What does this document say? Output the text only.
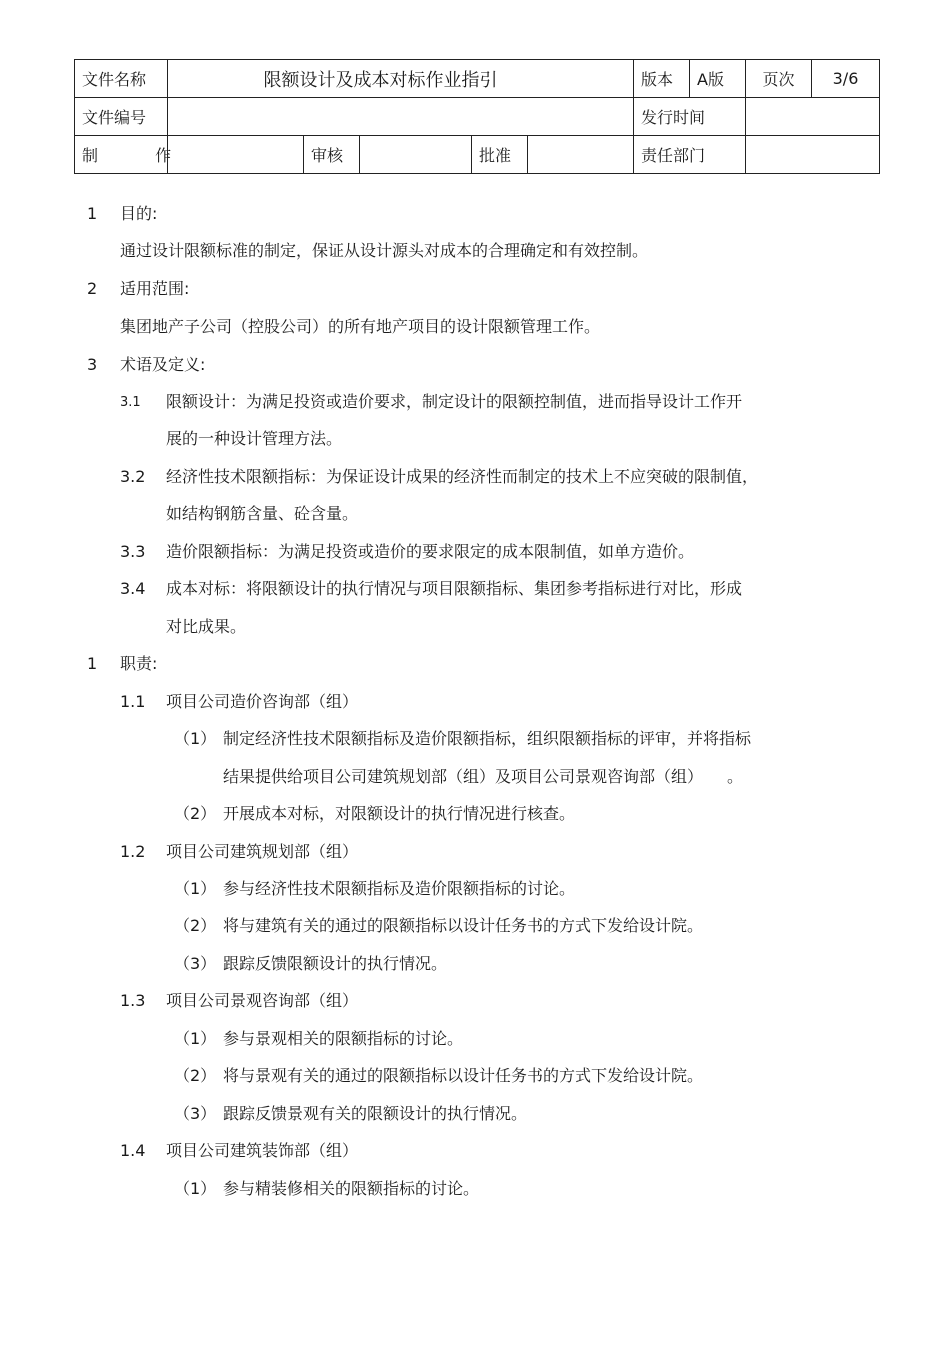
文件名称	限额设计及成本对标作业指引					版本	A版	页次	3/6
文件编号						发行时间			
制 作		审核		批准		责任部门			
1 目的:
通过设计限额标准的制定，保证从设计源头对成本的合理确定和有效控制。
2 适用范围:
集团地产子公司（控股公司）的所有地产项目的设计限额管理工作。
3 术语及定义:
3.1 限额设计：为满足投资或造价要求，制定设计的限额控制值，进而指导设计工作开
展的一种设计管理方法。
3.2 经济性技术限额指标：为保证设计成果的经济性而制定的技术上不应突破的限制值，
如结构钢筋含量、砼含量。
3.3 造价限额指标：为满足投资或造价的要求限定的成本限制值，如单方造价。
3.4 成本对标：将限额设计的执行情况与项目限额指标、集团参考指标进行对比，形成
对比成果。
1 职责:
1.1 项目公司造价咨询部（组）
（1） 制定经济性技术限额指标及造价限额指标，组织限额指标的评审，并将指标
结果提供给项目公司建筑规划部（组）及项目公司景观咨询部（组）　　。
（2） 开展成本对标，对限额设计的执行情况进行核查。
1.2 项目公司建筑规划部（组）
（1） 参与经济性技术限额指标及造价限额指标的讨论。
（2） 将与建筑有关的通过的限额指标以设计任务书的方式下发给设计院。
（3） 跟踪反馈限额设计的执行情况。
1.3 项目公司景观咨询部（组）
（1） 参与景观相关的限额指标的讨论。
（2） 将与景观有关的通过的限额指标以设计任务书的方式下发给设计院。
（3） 跟踪反馈景观有关的限额设计的执行情况。
1.4 项目公司建筑装饰部（组）
（1） 参与精装修相关的限额指标的讨论。
